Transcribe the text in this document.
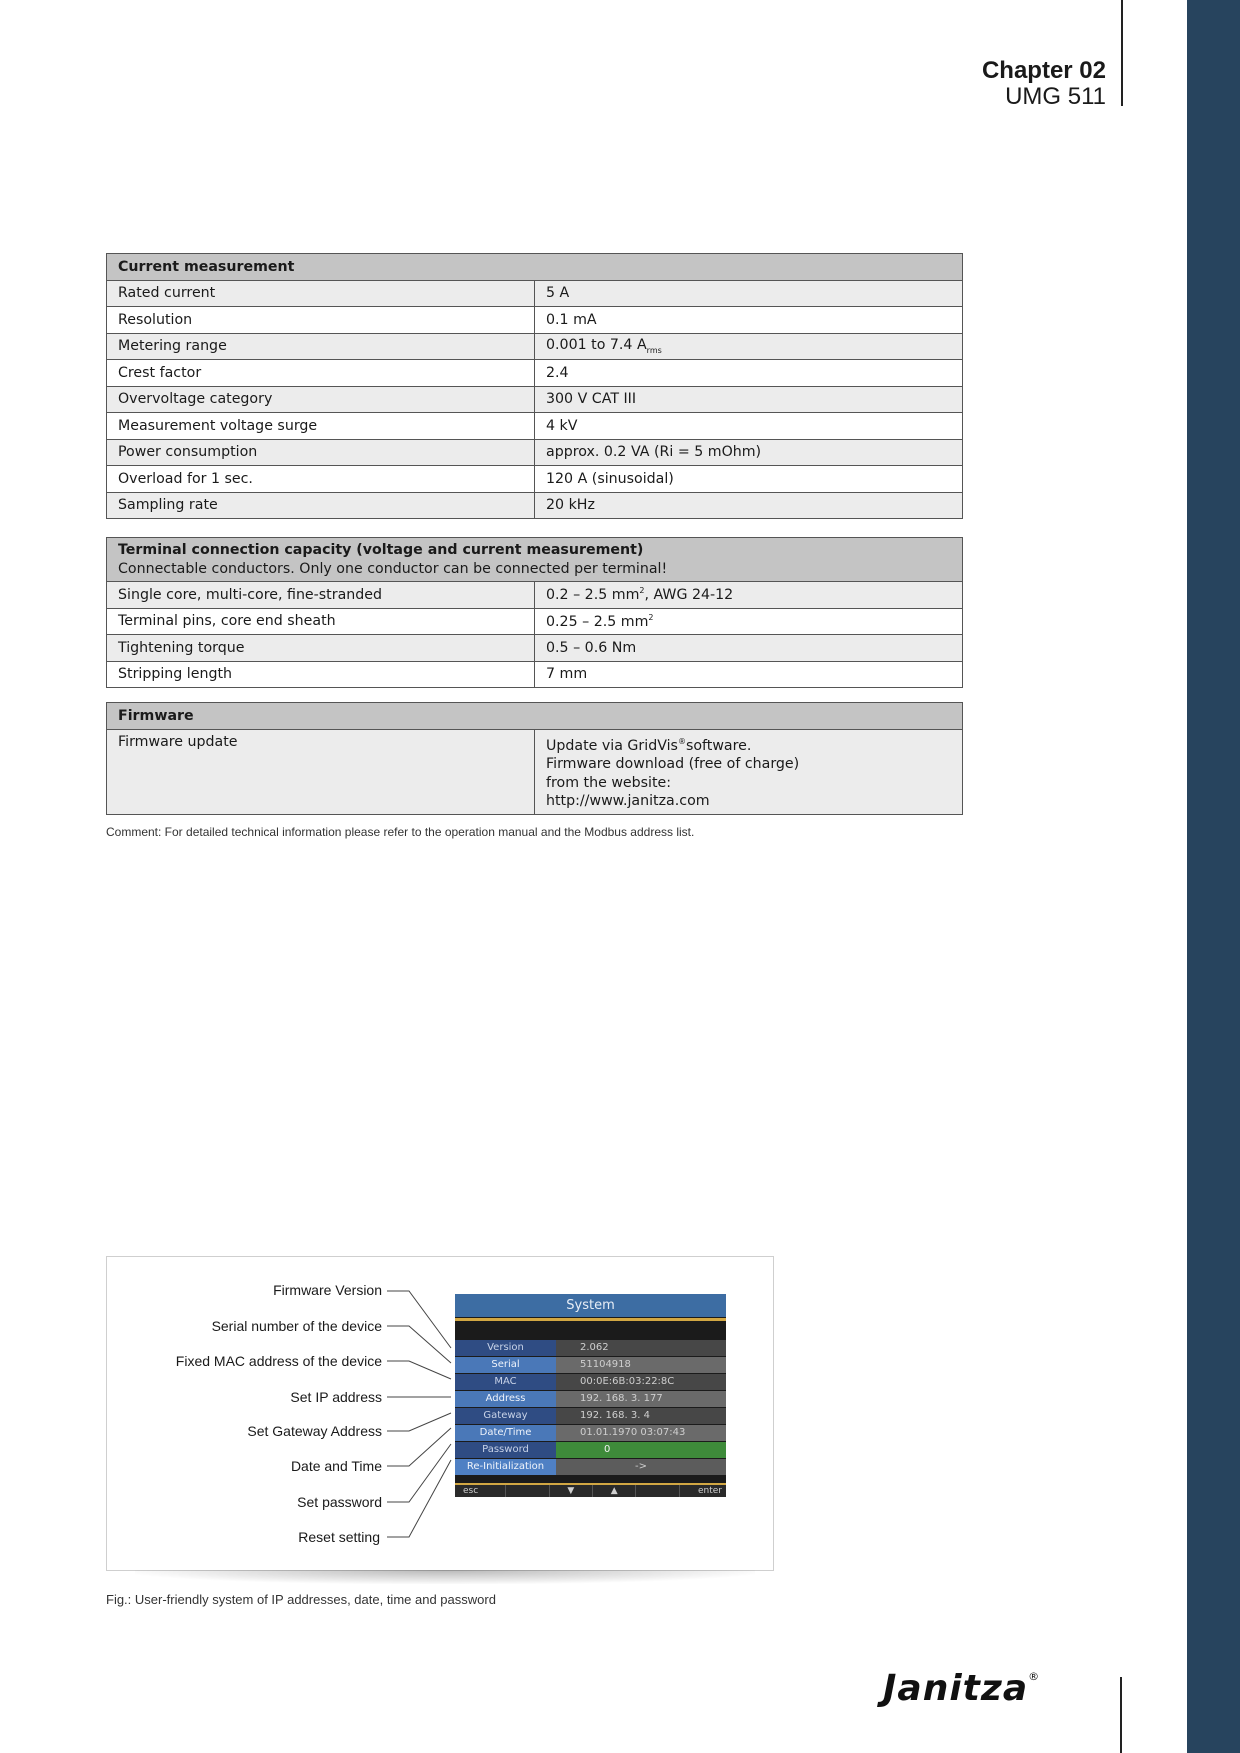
Chapter 02
UMG 511
Current measurement	
Rated current	5 A
Resolution	0.1 mA
Metering range	0.001 to 7.4 $A_{rms}$
Crest factor	2.4
Overvoltage category	300 V CAT III
Measurement voltage surge	4 kV
Power consumption	approx. 0.2 VA (Ri = 5 mOhm)
Overload for 1 sec.	120 A (sinusoidal)
Sampling rate	20 kHz
Terminal connection capacity (voltage and current measurement)
Connectable conductors. Only one conductor can be connected per terminal!	

Single core, multi-core, fine-stranded	0.2 – 2.5 $mm^2$, AWG 24-12
Terminal pins, core end sheath	0.25 – 2.5 $mm^2$
Tightening torque	0.5 – 0.6 Nm
Stripping length	7 mm
Firmware
Firmware update	Update via GridVis®software.
Firmware download (free of charge)
from the website:
http://www.janitza.com
Comment: For detailed technical information please refer to the operation manual and the Modbus address list.
Firmware Version
Serial number of the device
Fixed MAC address of the device
Set IP address
Set Gateway Address
Date and Time
Set password
Reset setting
System
Version	2.062
Serial	51104918
MAC	00:0E:6B:03:22:8C
Address	192. 168. 3. 177
Gateway	192. 168. 3. 4
Date/Time	01.01.1970 03:07:43
Password	0
Re-Initialization	->
esc	▼	▲	enter
Fig.: User-friendly system of IP addresses, date, time and password
Janitza®
